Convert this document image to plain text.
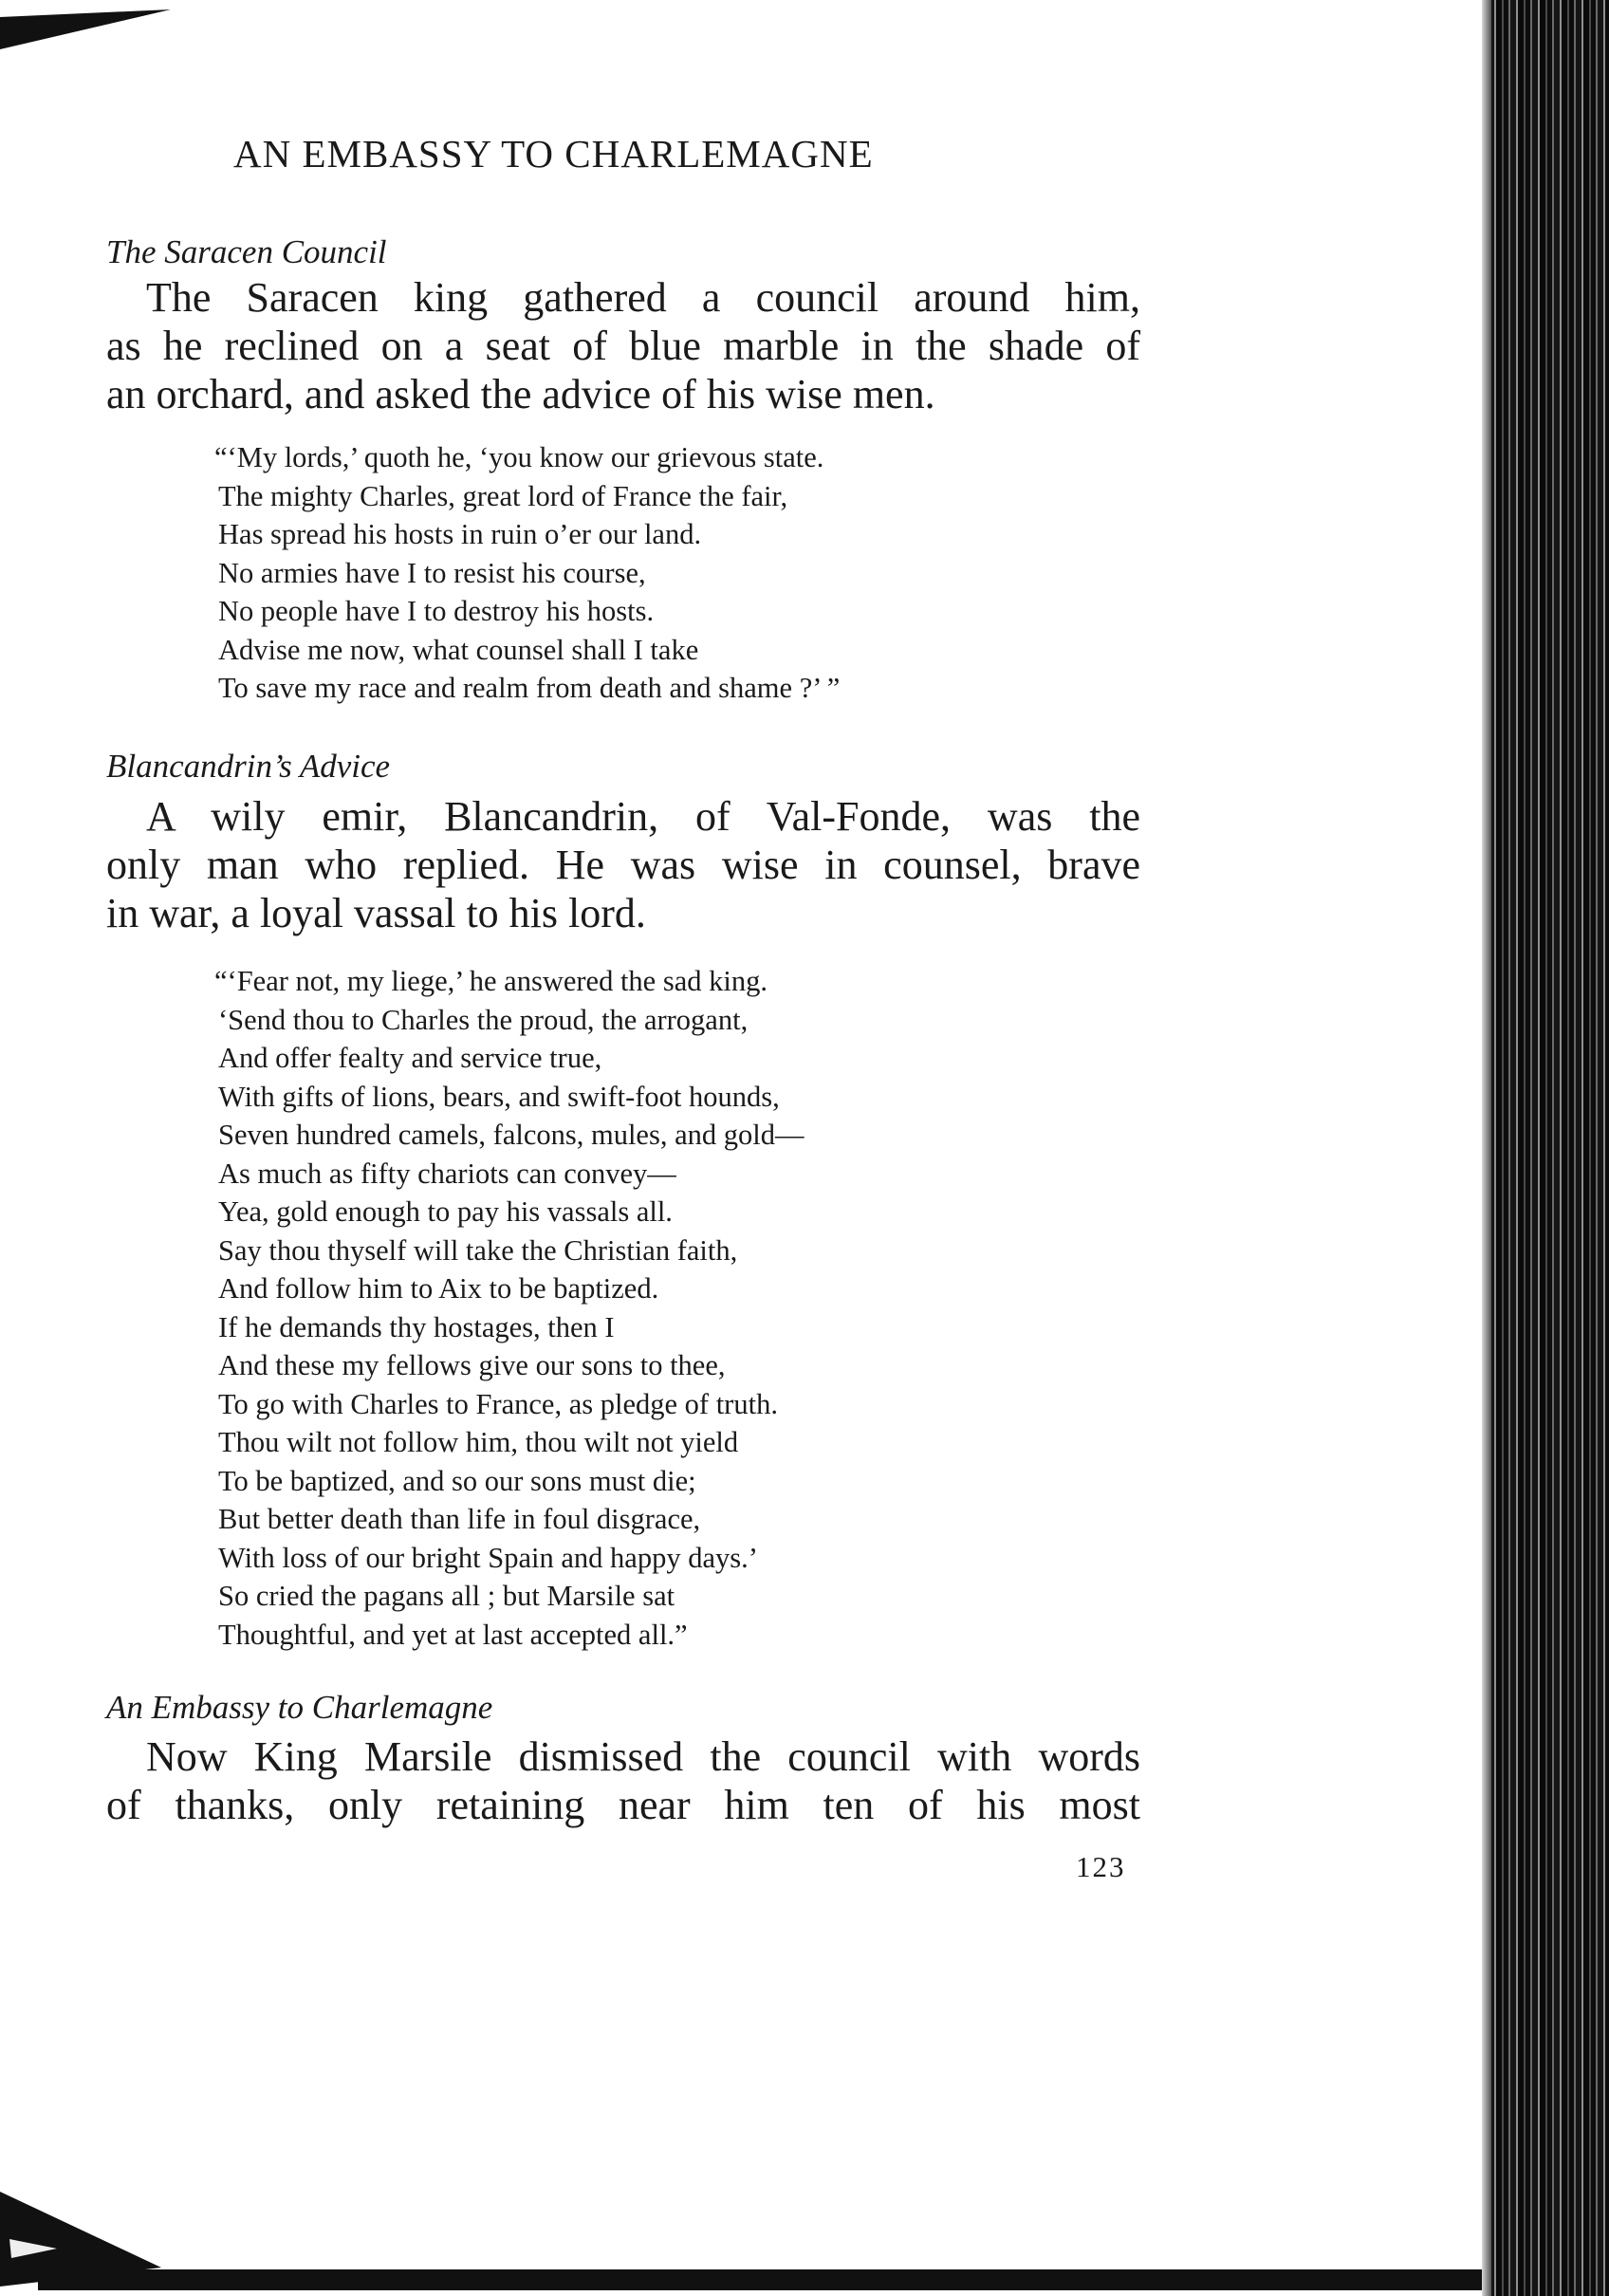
AN EMBASSY TO CHARLEMAGNE
The Saracen Council

The Saracen king gathered a council around him,
as he reclined on a seat of blue marble in the shade of
an orchard, and asked the advice of his wise men.

“‘My lords,’ quoth he, ‘you know our grievous state.
The mighty Charles, great lord of France the fair,
Has spread his hosts in ruin o’er our land.
No armies have I to resist his course,
No people have I to destroy his hosts.
Advise me now, what counsel shall I take
To save my race and realm from death and shame ?’ ”
Blancandrin’s Advice

A wily emir, Blancandrin, of Val-Fonde, was the
only man who replied. He was wise in counsel, brave
in war, a loyal vassal to his lord.

“‘Fear not, my liege,’ he answered the sad king.
‘Send thou to Charles the proud, the arrogant,
And offer fealty and service true,
With gifts of lions, bears, and swift-foot hounds,
Seven hundred camels, falcons, mules, and gold—
As much as fifty chariots can convey—
Yea, gold enough to pay his vassals all.
Say thou thyself will take the Christian faith,
And follow him to Aix to be baptized.
If he demands thy hostages, then I
And these my fellows give our sons to thee,
To go with Charles to France, as pledge of truth.
Thou wilt not follow him, thou wilt not yield
To be baptized, and so our sons must die;
But better death than life in foul disgrace,
With loss of our bright Spain and happy days.’
So cried the pagans all ; but Marsile sat
Thoughtful, and yet at last accepted all.”
An Embassy to Charlemagne

Now King Marsile dismissed the council with words
of thanks, only retaining near him ten of his most

123
